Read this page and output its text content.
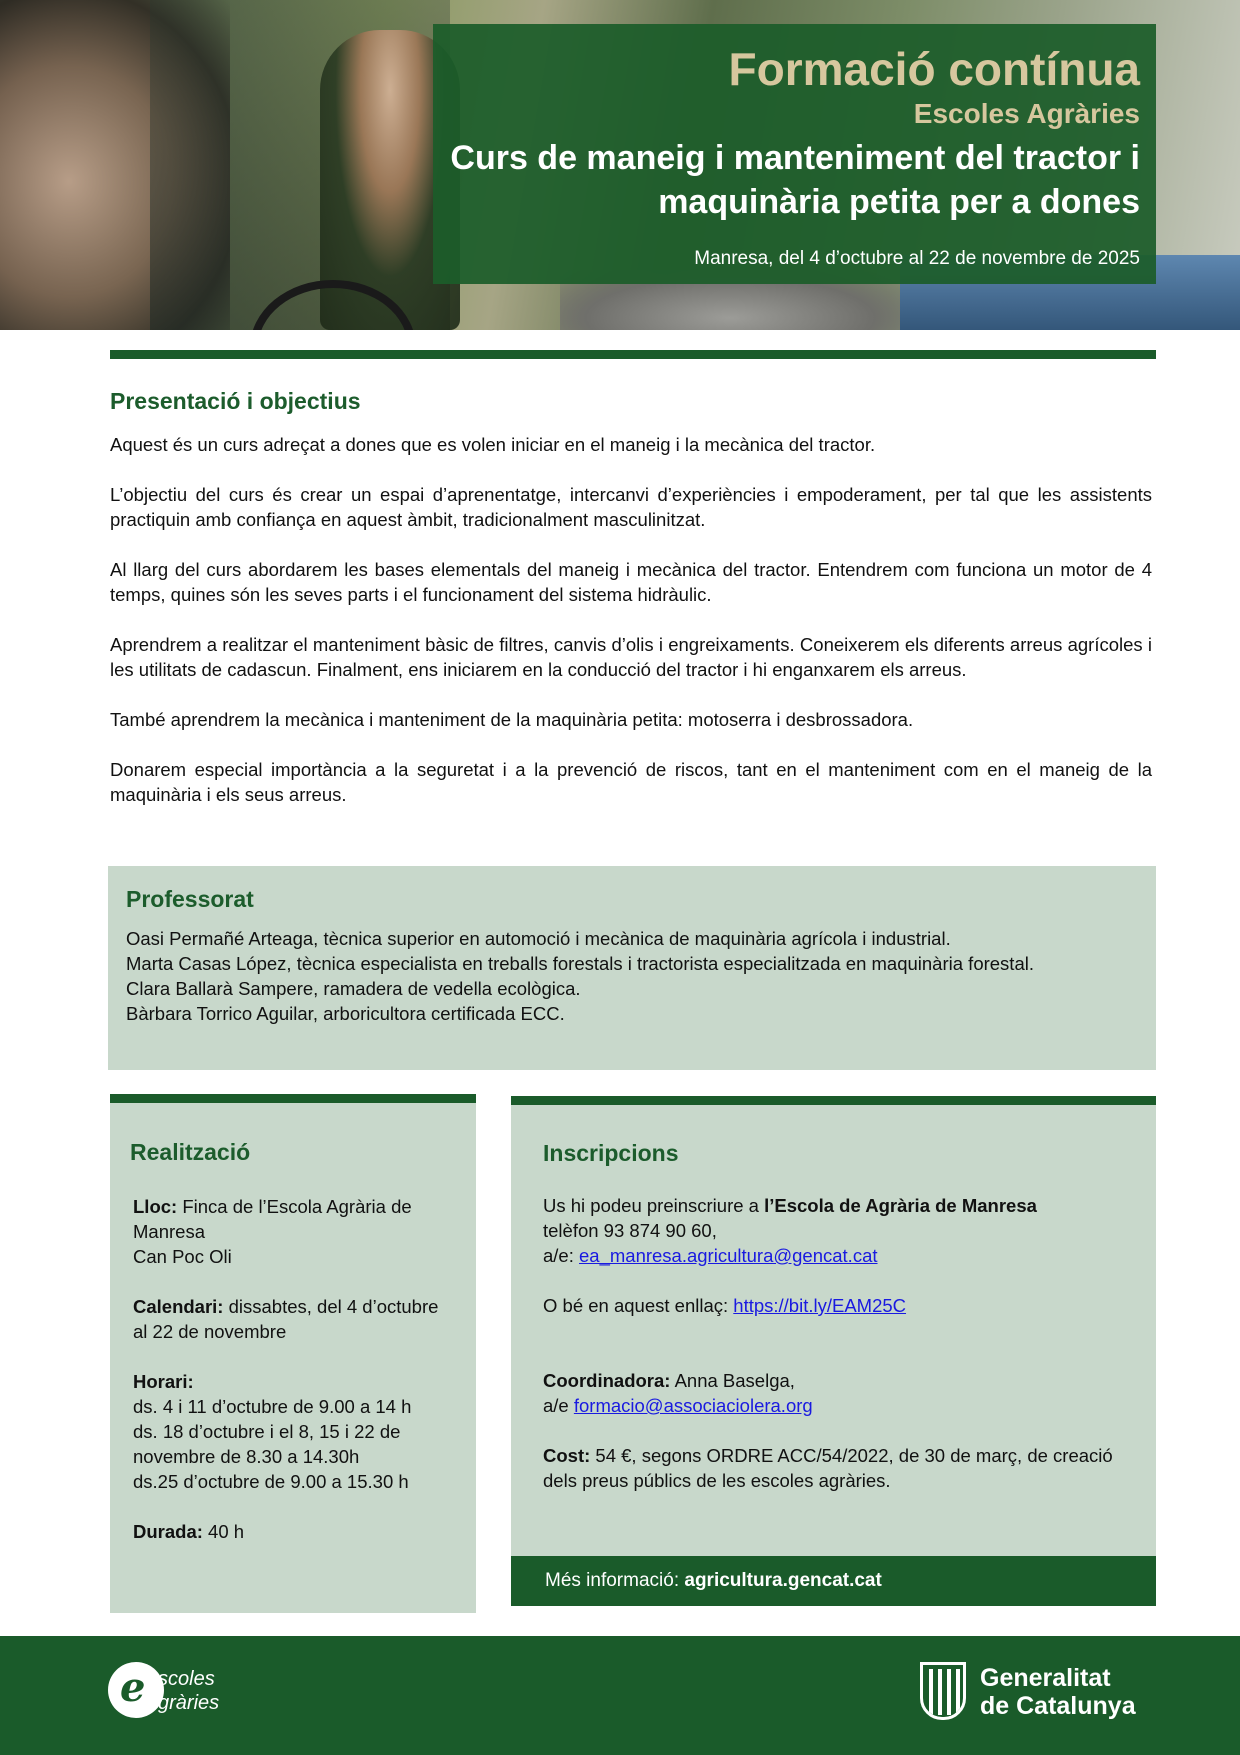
Formació contínua
Escoles Agràries
Curs de maneig i manteniment del tractor i maquinària petita per a dones
Manresa, del 4 d’octubre al 22 de novembre de 2025
Presentació i objectius

Aquest és un curs adreçat a dones que es volen iniciar en el maneig i la mecànica del tractor.

L’objectiu del curs és crear un espai d’aprenentatge, intercanvi d’experiències i empoderament, per tal que les assistents practiquin amb confiança en aquest àmbit, tradicionalment masculinitzat.

Al llarg del curs abordarem les bases elementals del maneig i mecànica del tractor. Entendrem com funciona un motor de 4 temps, quines són les seves parts i el funcionament del sistema hidràulic.

Aprendrem a realitzar el manteniment bàsic de filtres, canvis d’olis i engreixaments. Coneixerem els diferents arreus agrícoles i les utilitats de cadascun. Finalment, ens iniciarem en la conducció del tractor i hi enganxarem els arreus.

També aprendrem la mecànica i manteniment de la maquinària petita: motoserra i desbrossadora.

Donarem especial importància a la seguretat i a la prevenció de riscos, tant en el manteniment com en el maneig de la maquinària i els seus arreus.

Professorat
Oasi Permañé Arteaga, tècnica superior en automoció i mecànica de maquinària agrícola i industrial.
Marta Casas López, tècnica especialista en treballs forestals i tractorista especialitzada en maquinària forestal.
Clara Ballarà Sampere, ramadera de vedella ecològica.
Bàrbara Torrico Aguilar, arboricultora certificada ECC.
Realització

Lloc: Finca de l’Escola Agrària de Manresa
Can Poc Oli

Calendari: dissabtes, del 4 d’octubre al 22 de novembre

Horari:
ds. 4 i 11 d’octubre de 9.00 a 14 h
ds. 18 d’octubre i el 8, 15 i 22 de novembre de 8.30 a 14.30h
ds.25 d’octubre de 9.00 a 15.30 h

Durada: 40 h

Inscripcions

Us hi podeu preinscriure a l’Escola de Agrària de Manresa
telèfon 93 874 90 60,
a/e: ea_manresa.agricultura@gencat.cat

O bé en aquest enllaç: https://bit.ly/EAM25C

Coordinadora: Anna Baselga,
a/e formacio@associaciolera.org

Cost: 54 €, segons ORDRE ACC/54/2022, de 30 de març, de creació dels preus públics de les escoles agràries.

Més informació: agricultura.gencat.cat
e scoles
gràries
Generalitat
de Catalunya
